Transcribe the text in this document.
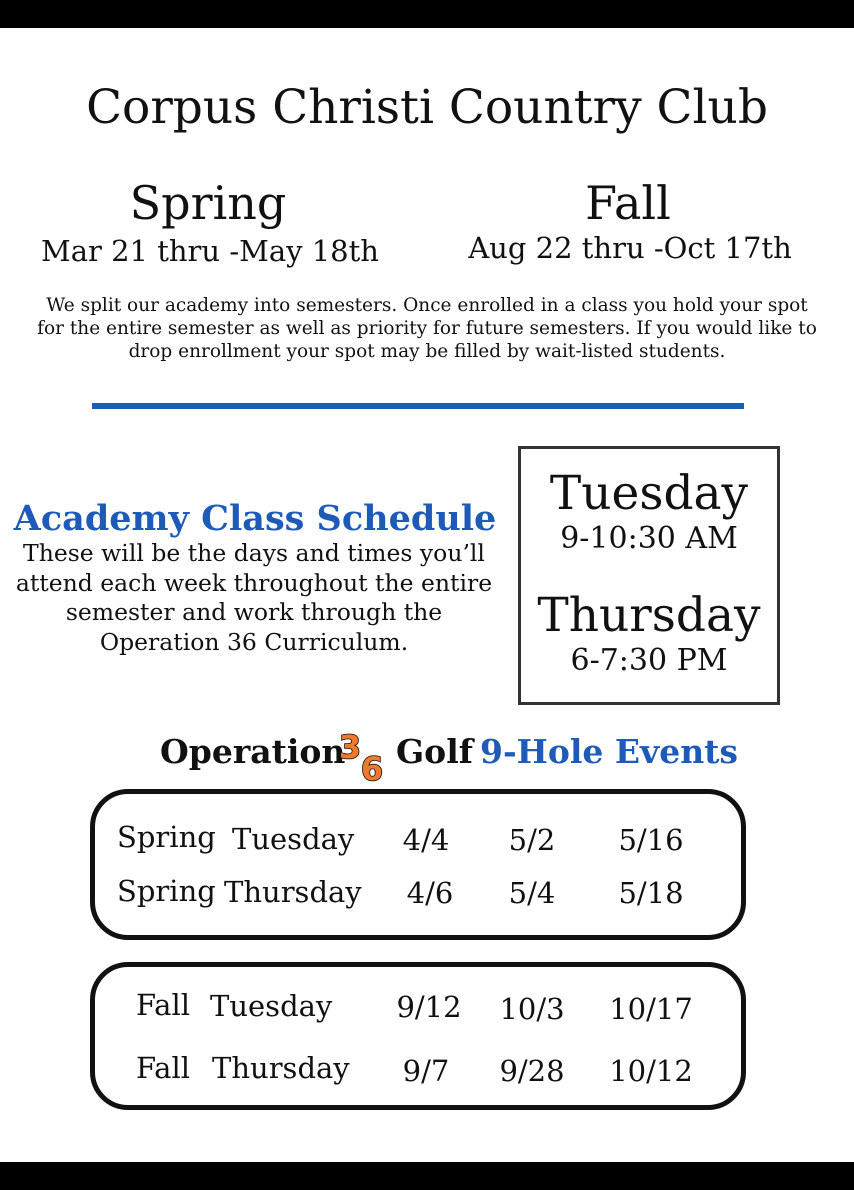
Corpus Christi Country Club
Spring
Mar 21 thru -May 18th
Fall
Aug 22 thru -Oct 17th
We split our academy into semesters. Once enrolled in a class you hold your spot for the entire semester as well as priority for future semesters. If you would like to drop enrollment your spot may be filled by wait-listed students.
Academy Class Schedule
These will be the days and times you’ll attend each week throughout the entire semester and work through the Operation 36 Curriculum.
Tuesday
9-10:30 AM
Thursday
6-7:30 PM
Operation
3
6 Golf 9-Hole Events
Spring Tuesday	4/4	5/2	5/16
Spring Thursday	4/6	5/4	5/18
Fall Tuesday	9/12	10/3	10/17
Fall Thursday	9/7	9/28	10/12
